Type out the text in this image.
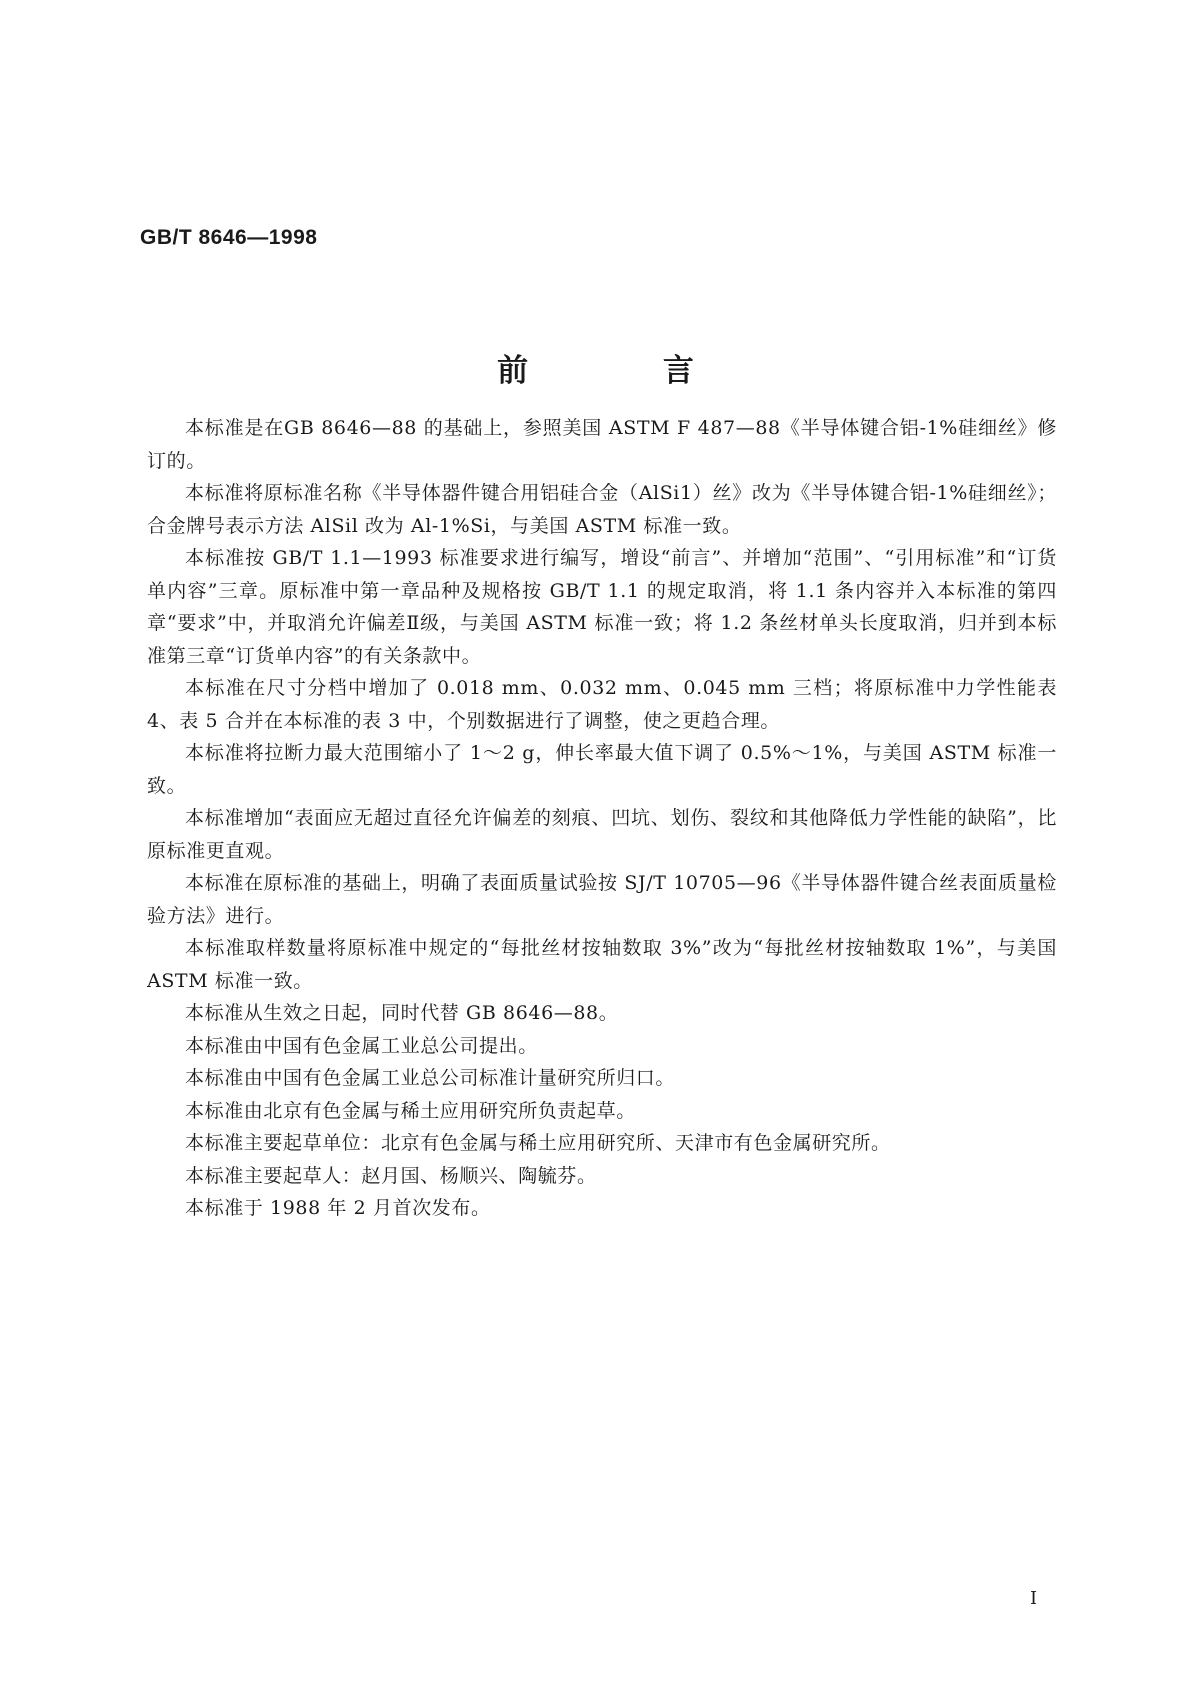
GB/T 8646—1998
前 言

本标准是在GB 8646—88 的基础上，参照美国 ASTM F 487—88《半导体键合铝-1%硅细丝》修订的。

本标准将原标准名称《半导体器件键合用铝硅合金（AlSi1）丝》改为《半导体键合铝-1%硅细丝》；合金牌号表示方法 AlSil 改为 Al-1%Si，与美国 ASTM 标准一致。

本标准按 GB/T 1.1—1993 标准要求进行编写，增设“前言”、并增加“范围”、“引用标准”和“订货单内容”三章。原标准中第一章品种及规格按 GB/T 1.1 的规定取消，将 1.1 条内容并入本标准的第四章“要求”中，并取消允许偏差Ⅱ级，与美国 ASTM 标准一致；将 1.2 条丝材单头长度取消，归并到本标准第三章“订货单内容”的有关条款中。

本标准在尺寸分档中增加了 0.018 mm、0.032 mm、0.045 mm 三档；将原标准中力学性能表 4、表 5 合并在本标准的表 3 中，个别数据进行了调整，使之更趋合理。

本标准将拉断力最大范围缩小了 1～2 g，伸长率最大值下调了 0.5%～1%，与美国 ASTM 标准一致。

本标准增加“表面应无超过直径允许偏差的刻痕、凹坑、划伤、裂纹和其他降低力学性能的缺陷”，比原标准更直观。

本标准在原标准的基础上，明确了表面质量试验按 SJ/T 10705—96《半导体器件键合丝表面质量检验方法》进行。

本标准取样数量将原标准中规定的“每批丝材按轴数取 3%”改为“每批丝材按轴数取 1%”，与美国 ASTM 标准一致。

本标准从生效之日起，同时代替 GB 8646—88。

本标准由中国有色金属工业总公司提出。

本标准由中国有色金属工业总公司标准计量研究所归口。

本标准由北京有色金属与稀土应用研究所负责起草。

本标准主要起草单位：北京有色金属与稀土应用研究所、天津市有色金属研究所。

本标准主要起草人：赵月国、杨顺兴、陶毓芬。

本标准于 1988 年 2 月首次发布。

I
